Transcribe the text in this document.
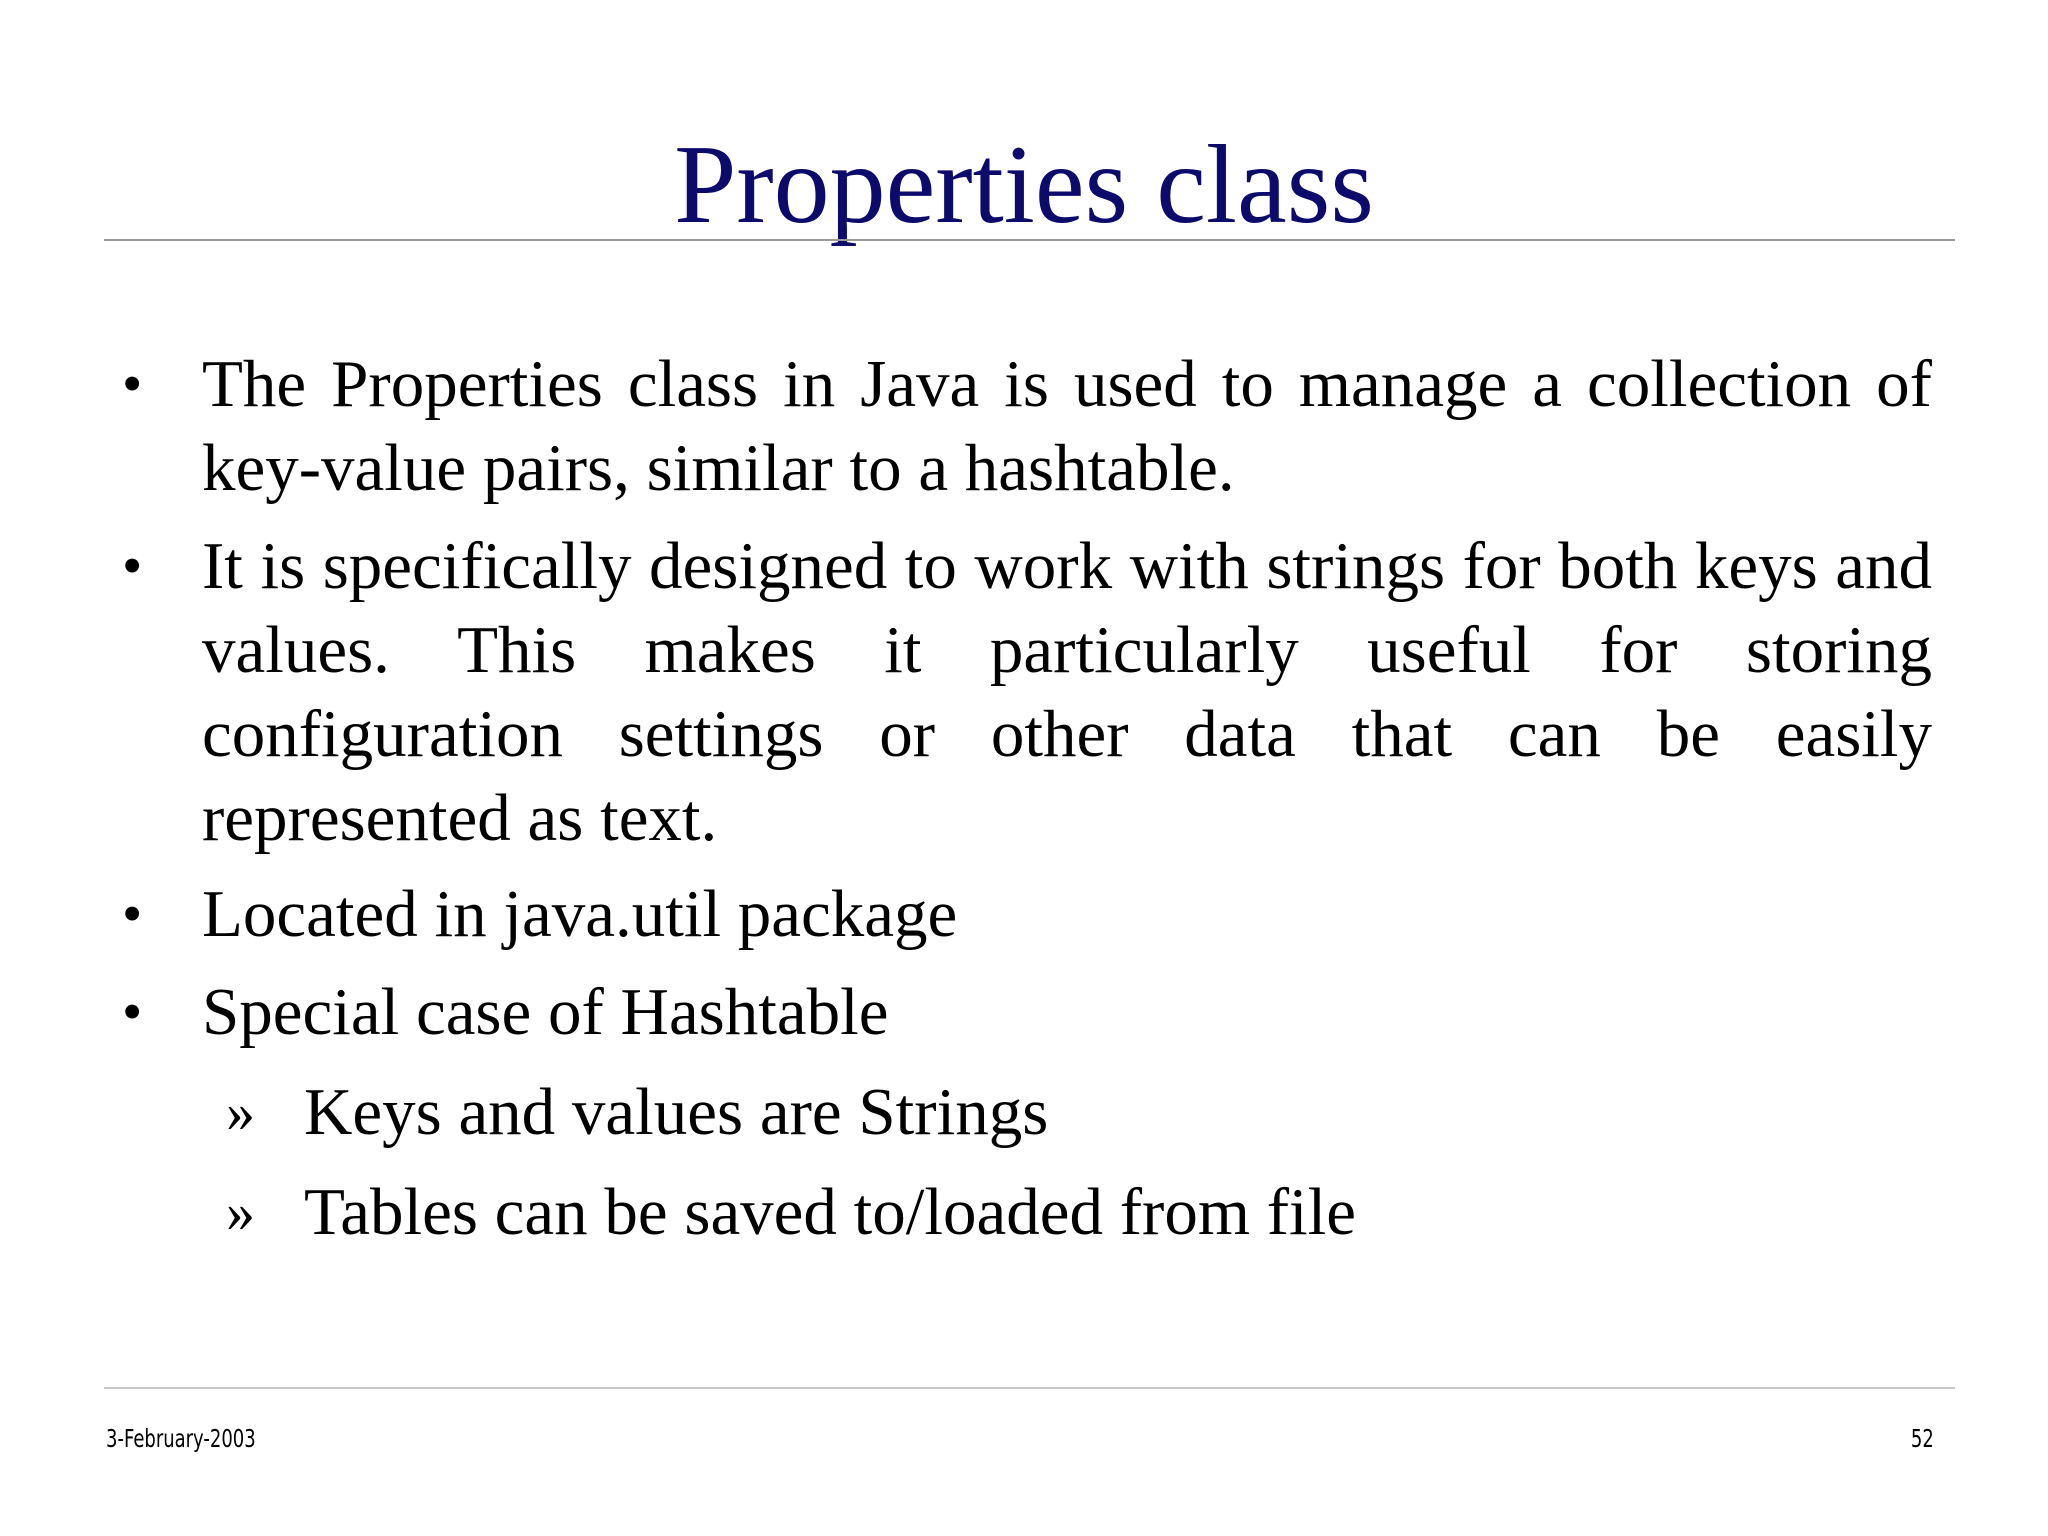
Properties class
• The Properties class in Java is used to manage a collection of key-value pairs, similar to a hashtable.
• It is specifically designed to work with strings for both keys and values. This makes it particularly useful for storing configuration settings or other data that can be easily represented as text.
• Located in java.util package
• Special case of Hashtable
» Keys and values are Strings
» Tables can be saved to/loaded from file
3-February-2003	52
